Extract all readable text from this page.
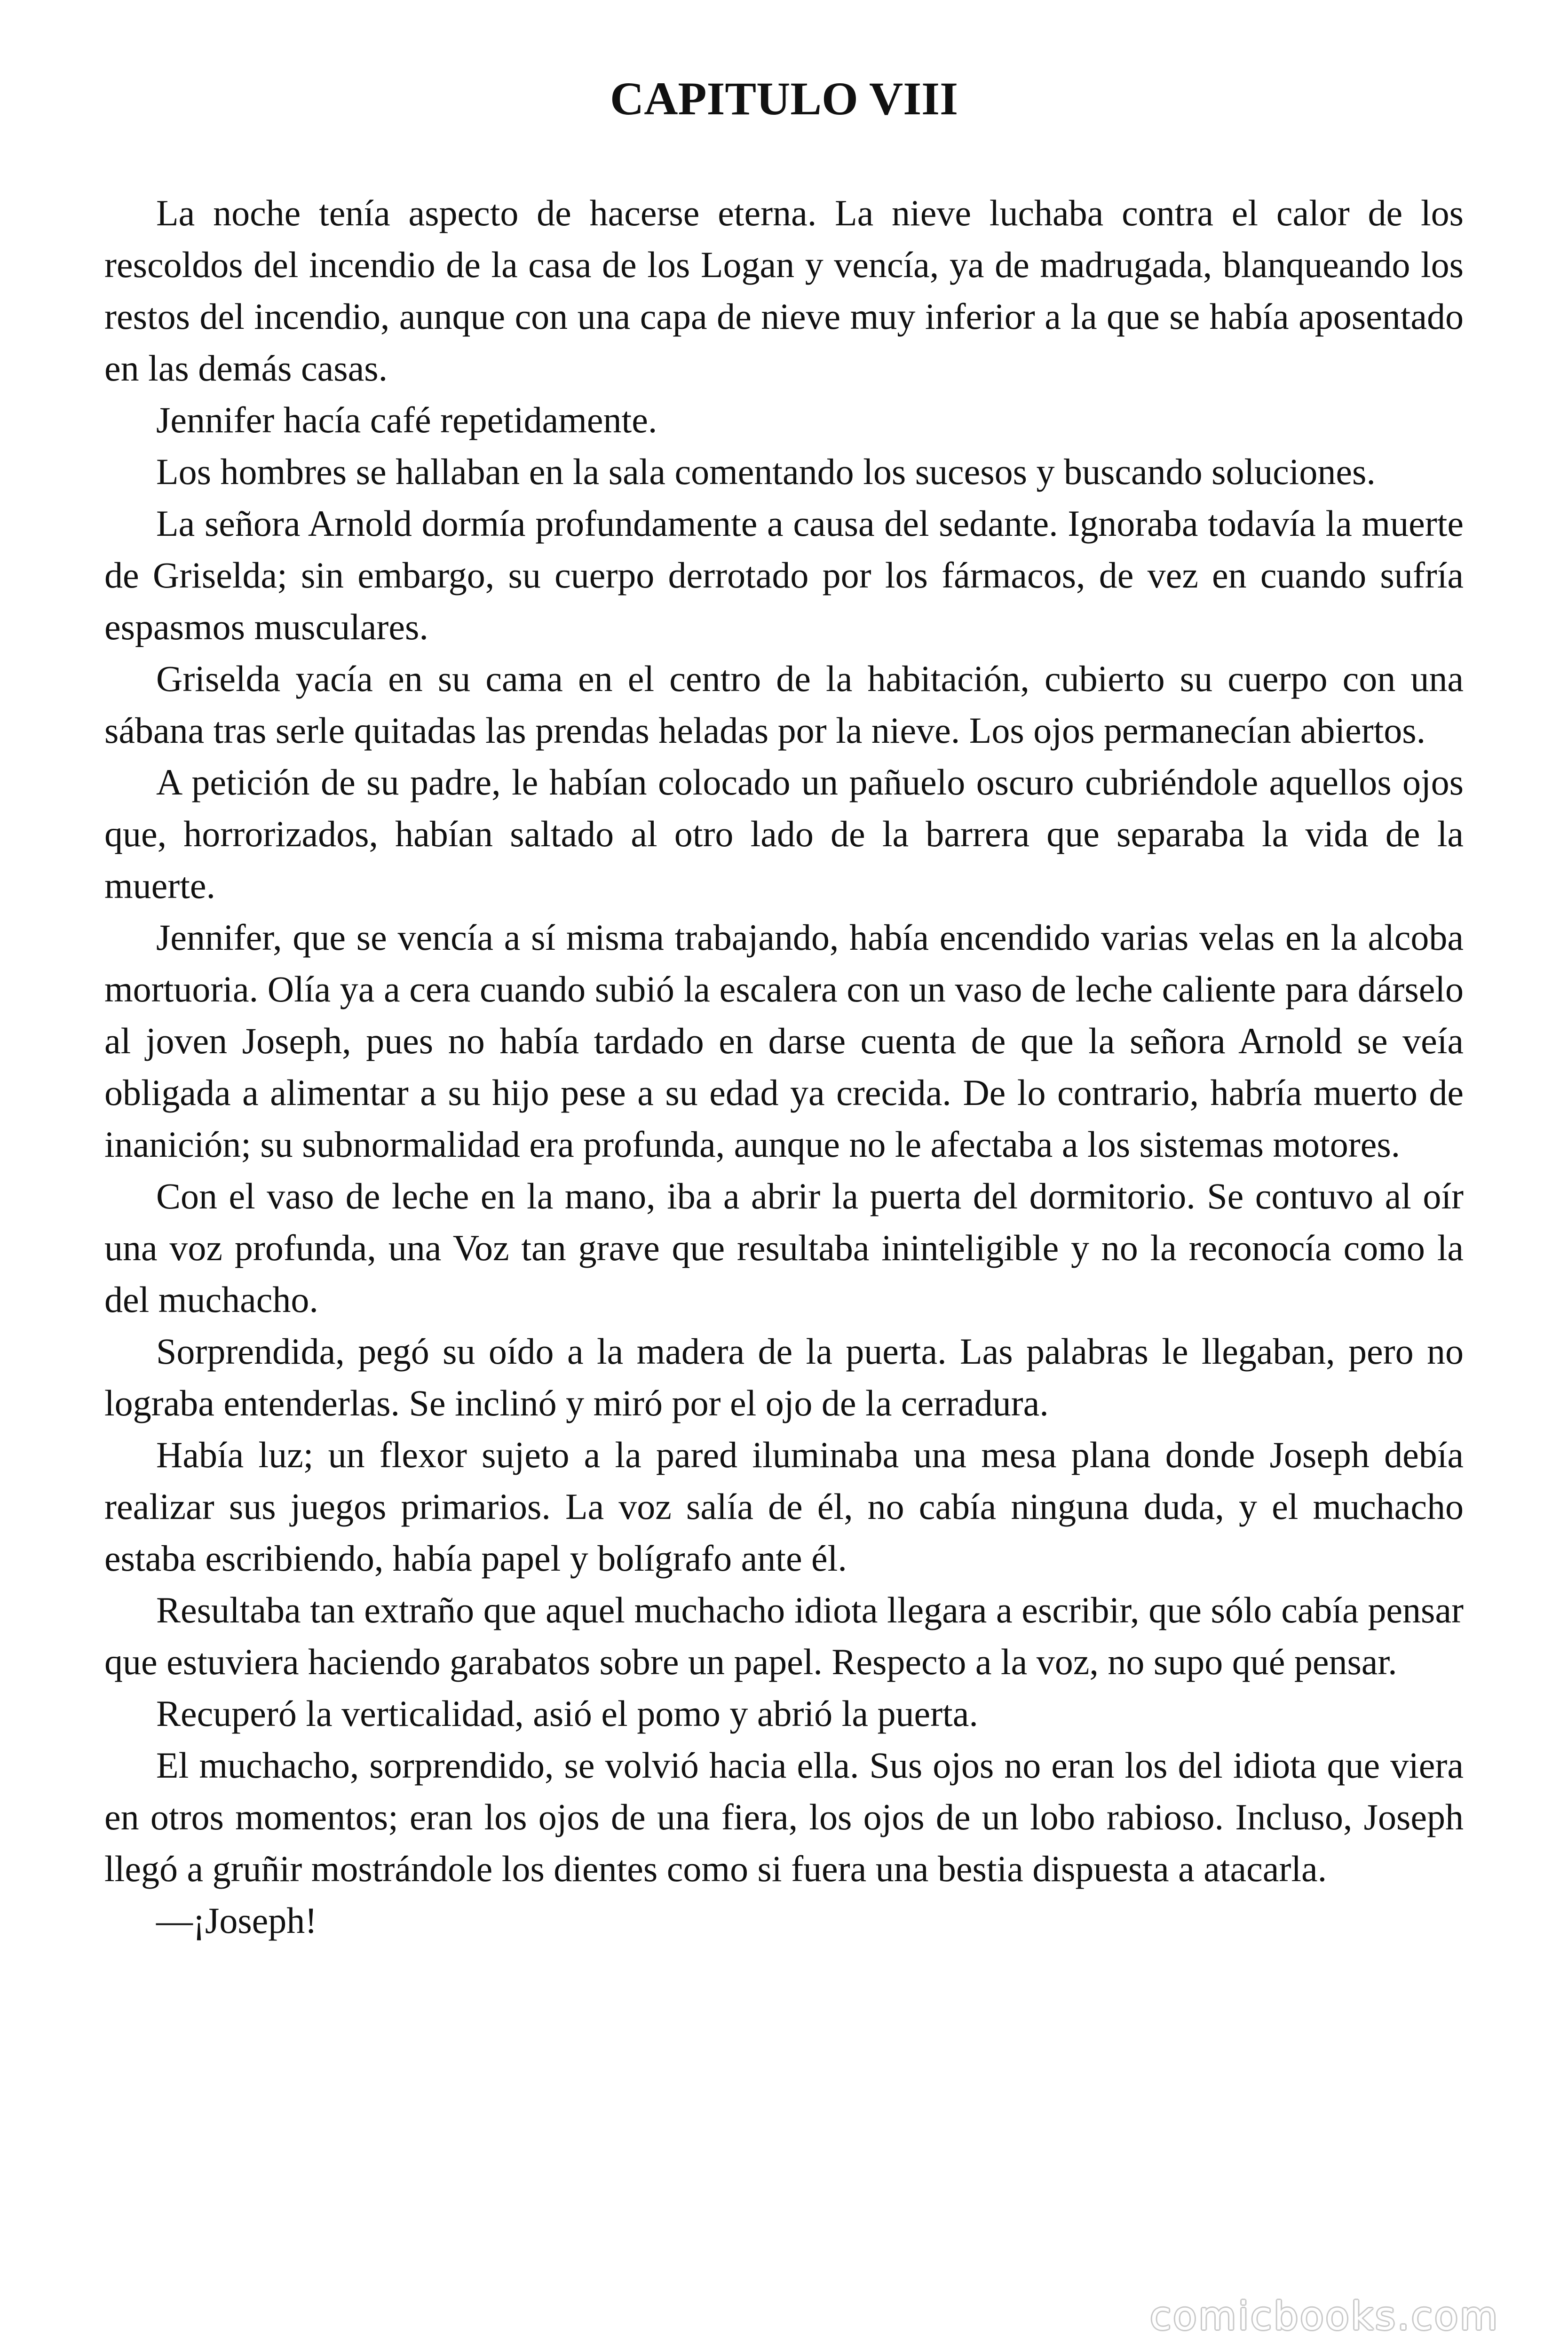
CAPITULO VIII

La noche tenía aspecto de hacerse eterna. La nieve luchaba contra el calor de los rescoldos del incendio de la casa de los Logan y vencía, ya de madrugada, blanqueando los restos del incendio, aunque con una capa de nieve muy inferior a la que se había aposentado en las demás casas.

Jennifer hacía café repetidamente.

Los hombres se hallaban en la sala comentando los sucesos y buscando soluciones.

La señora Arnold dormía profundamente a causa del sedante. Ignoraba todavía la muerte de Griselda; sin embargo, su cuerpo derrotado por los fármacos, de vez en cuando sufría espasmos musculares.

Griselda yacía en su cama en el centro de la habitación, cubierto su cuerpo con una sábana tras serle quitadas las prendas heladas por la nieve. Los ojos permanecían abiertos.

A petición de su padre, le habían colocado un pañuelo oscuro cubriéndole aquellos ojos que, horrorizados, habían saltado al otro lado de la barrera que separaba la vida de la muerte.

Jennifer, que se vencía a sí misma trabajando, había encendido varias velas en la alcoba mortuoria. Olía ya a cera cuando subió la escalera con un vaso de leche caliente para dárselo al joven Joseph, pues no había tardado en darse cuenta de que la señora Arnold se veía obligada a alimentar a su hijo pese a su edad ya crecida. De lo contrario, habría muerto de inanición; su subnormalidad era profunda, aunque no le afectaba a los sistemas motores.

Con el vaso de leche en la mano, iba a abrir la puerta del dormitorio. Se contuvo al oír una voz profunda, una Voz tan grave que resultaba ininteligible y no la reconocía como la del muchacho.

Sorprendida, pegó su oído a la madera de la puerta. Las palabras le llegaban, pero no lograba entenderlas. Se inclinó y miró por el ojo de la cerradura.

Había luz; un flexor sujeto a la pared iluminaba una mesa plana donde Joseph debía realizar sus juegos primarios. La voz salía de él, no cabía ninguna duda, y el muchacho estaba escribiendo, había papel y bolígrafo ante él.

Resultaba tan extraño que aquel muchacho idiota llegara a escribir, que sólo cabía pensar que estuviera haciendo garabatos sobre un papel. Respecto a la voz, no supo qué pensar.

Recuperó la verticalidad, asió el pomo y abrió la puerta.

El muchacho, sorprendido, se volvió hacia ella. Sus ojos no eran los del idiota que viera en otros momentos; eran los ojos de una fiera, los ojos de un lobo rabioso. Incluso, Joseph llegó a gruñir mostrándole los dientes como si fuera una bestia dispuesta a atacarla.

—¡Joseph!

comicbooks.com
